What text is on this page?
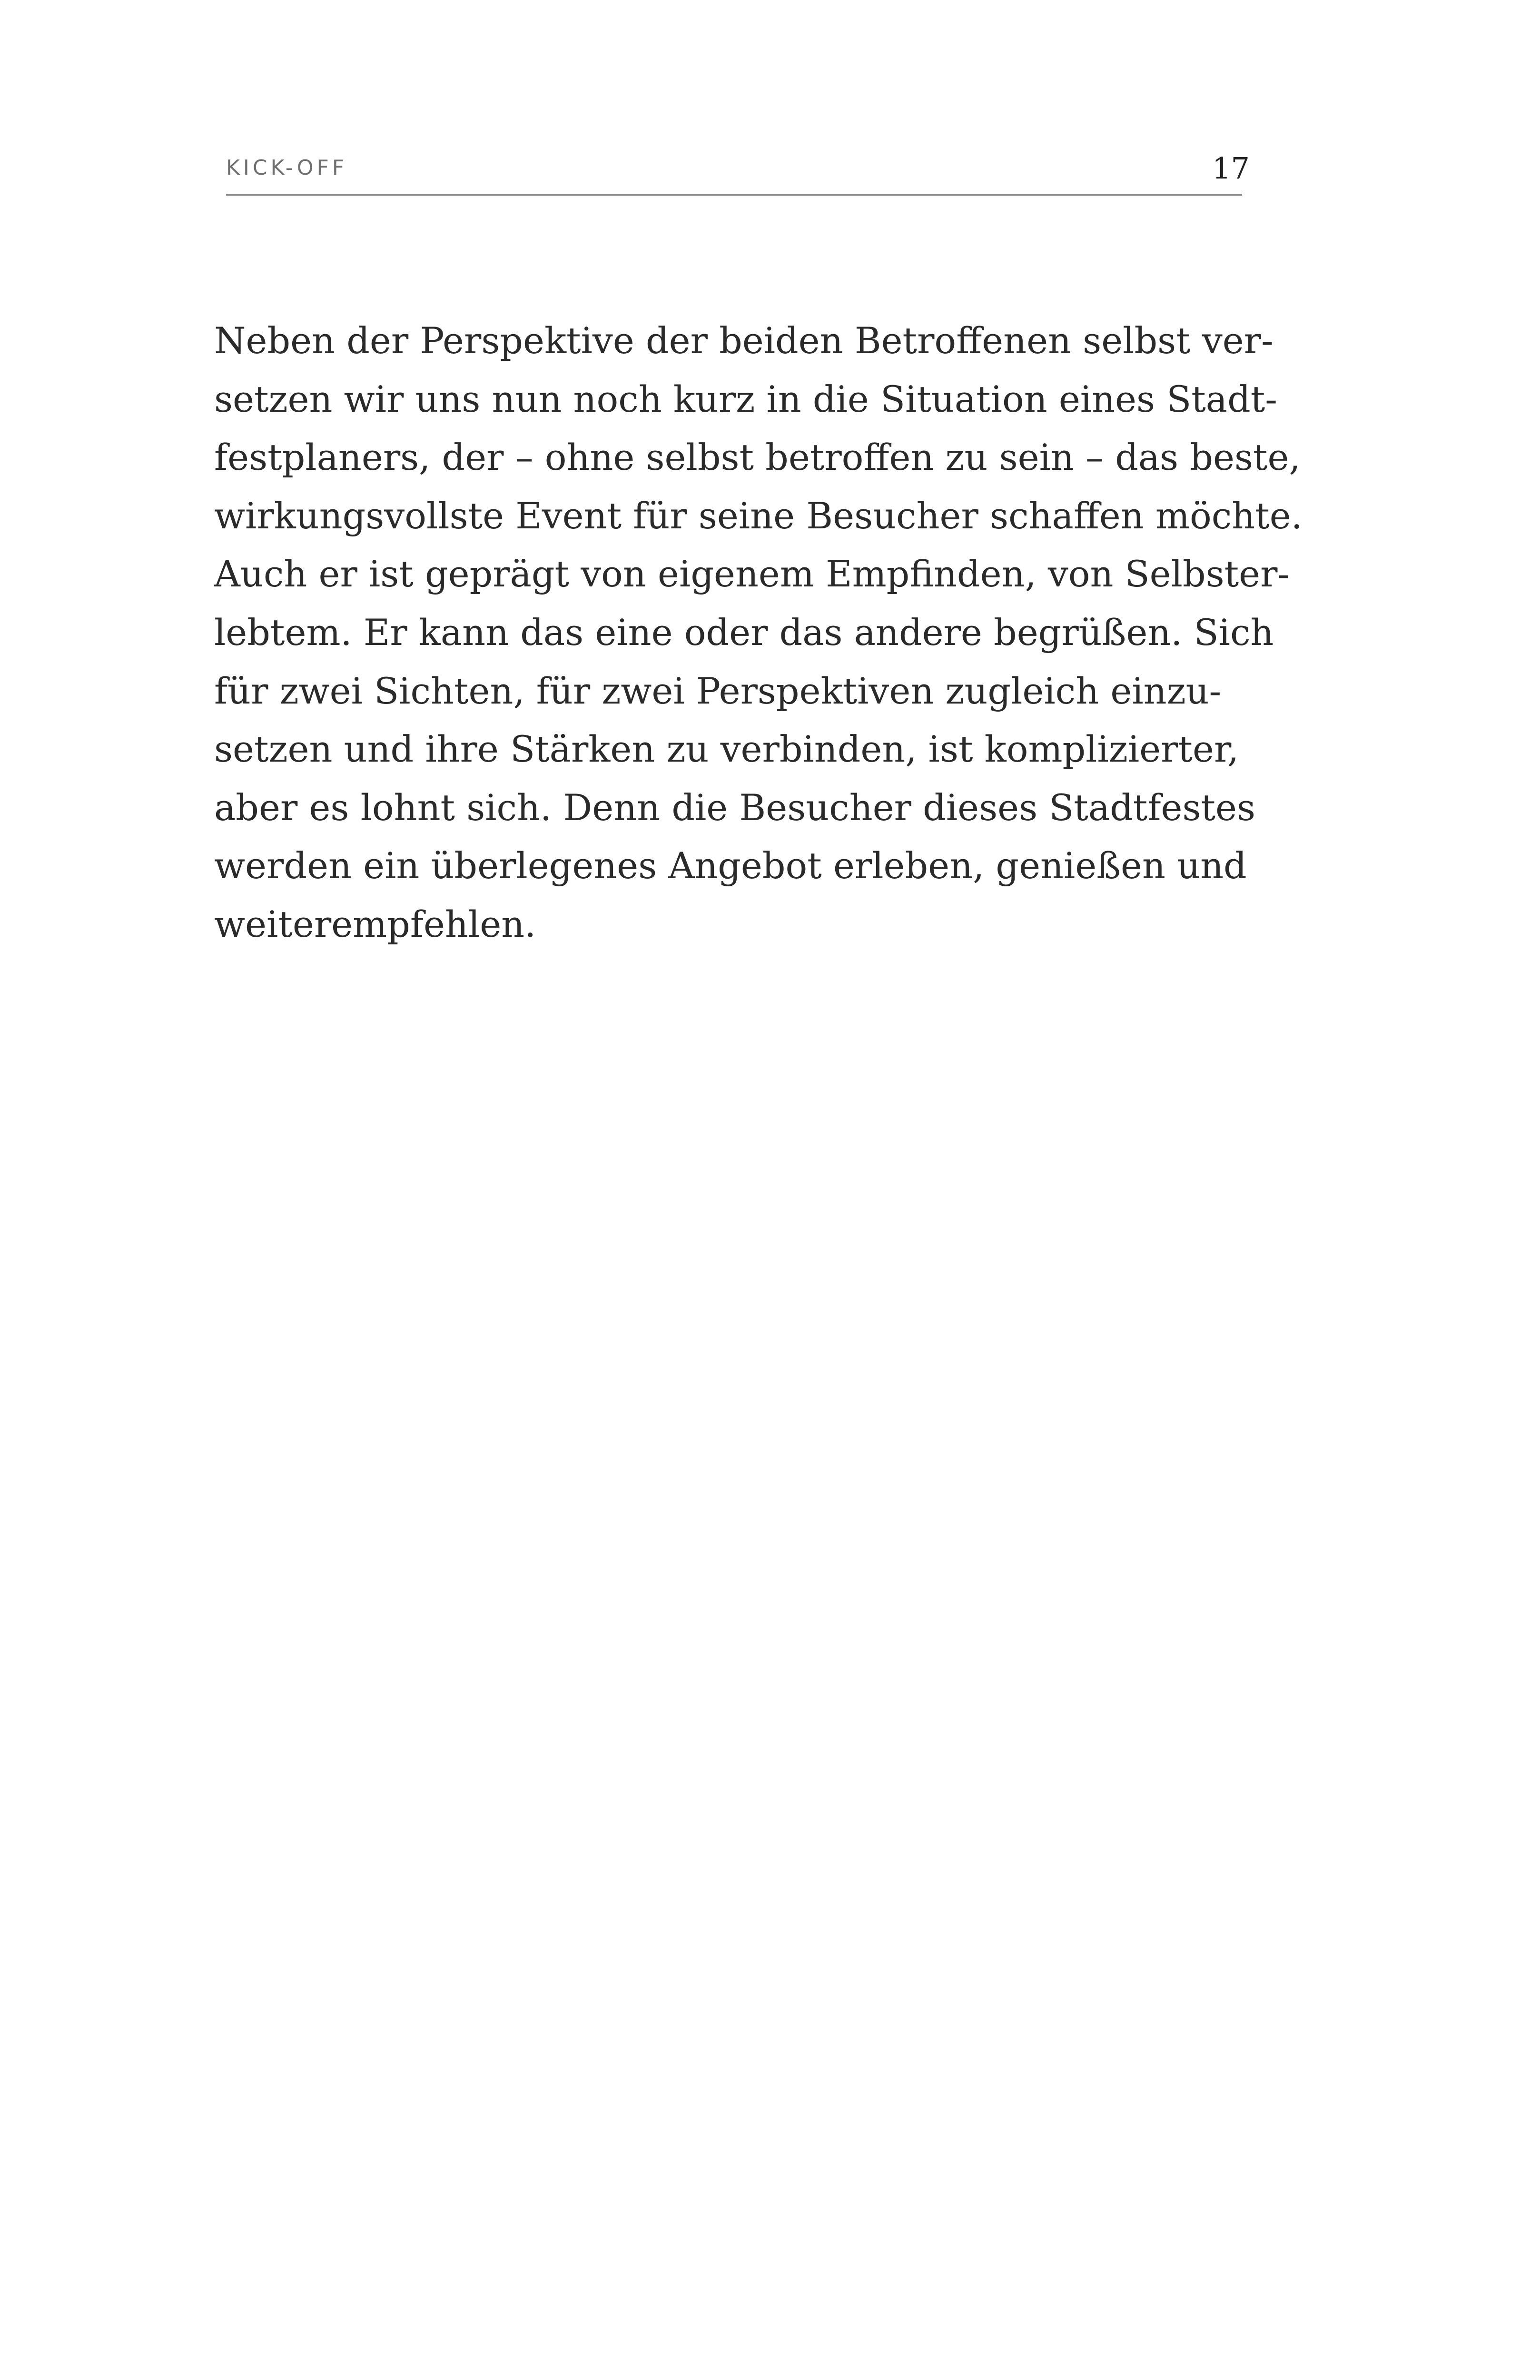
KICK-OFF	17
Neben der Perspektive der beiden Betroffenen selbst ver-
setzen wir uns nun noch kurz in die Situation eines Stadt-
festplaners, der – ohne selbst betroffen zu sein – das beste,
wirkungsvollste Event für seine Besucher schaffen möchte.
Auch er ist geprägt von eigenem Empfinden, von Selbster-
lebtem. Er kann das eine oder das andere begrüßen. Sich
für zwei Sichten, für zwei Perspektiven zugleich einzu-
setzen und ihre Stärken zu verbinden, ist komplizierter,
aber es lohnt sich. Denn die Besucher dieses Stadtfestes
werden ein überlegenes Angebot erleben, genießen und
weiterempfehlen.
